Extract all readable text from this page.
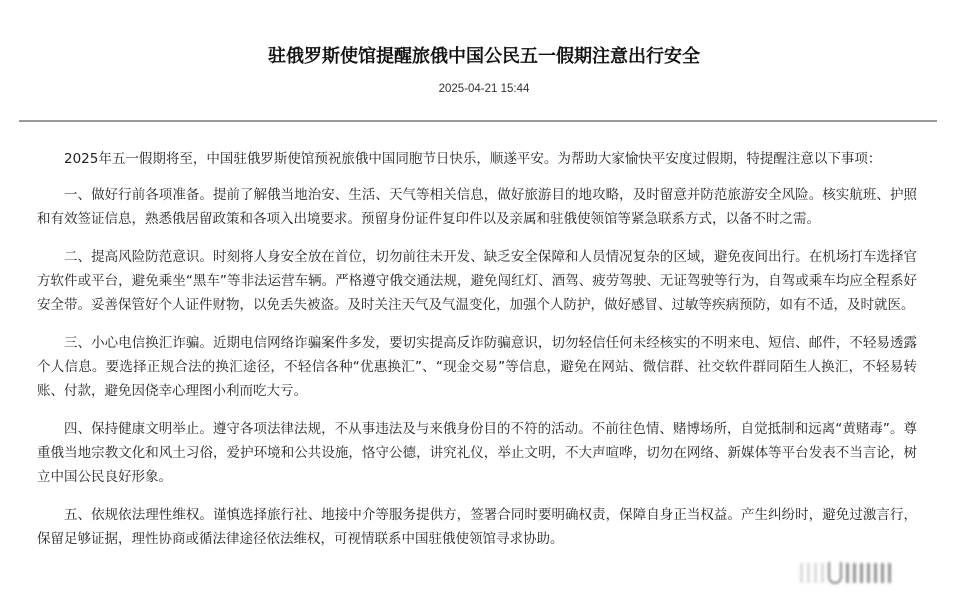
驻俄罗斯使馆提醒旅俄中国公民五一假期注意出行安全
2025-04-21 15:44

2025年五一假期将至，中国驻俄罗斯使馆预祝旅俄中国同胞节日快乐，顺遂平安。为帮助大家愉快平安度过假期，特提醒注意以下事项：

一、做好行前各项准备。提前了解俄当地治安、生活、天气等相关信息，做好旅游目的地攻略，及时留意并防范旅游安全风险。核实航班、护照和有效签证信息，熟悉俄居留政策和各项入出境要求。预留身份证件复印件以及亲属和驻俄使领馆等紧急联系方式，以备不时之需。

二、提高风险防范意识。时刻将人身安全放在首位，切勿前往未开发、缺乏安全保障和人员情况复杂的区域，避免夜间出行。在机场打车选择官方软件或平台，避免乘坐“黑车”等非法运营车辆。严格遵守俄交通法规，避免闯红灯、酒驾、疲劳驾驶、无证驾驶等行为，自驾或乘车均应全程系好安全带。妥善保管好个人证件财物，以免丢失被盗。及时关注天气及气温变化，加强个人防护，做好感冒、过敏等疾病预防，如有不适，及时就医。

三、小心电信换汇诈骗。近期电信网络诈骗案件多发，要切实提高反诈防骗意识，切勿轻信任何未经核实的不明来电、短信、邮件，不轻易透露个人信息。要选择正规合法的换汇途径，不轻信各种“优惠换汇”、“现金交易”等信息，避免在网站、微信群、社交软件群同陌生人换汇，不轻易转账、付款，避免因侥幸心理图小利而吃大亏。

四、保持健康文明举止。遵守各项法律法规，不从事违法及与来俄身份目的不符的活动。不前往色情、赌博场所，自觉抵制和远离“黄赌毒”。尊重俄当地宗教文化和风土习俗，爱护环境和公共设施，恪守公德，讲究礼仪，举止文明，不大声喧哗，切勿在网络、新媒体等平台发表不当言论，树立中国公民良好形象。

五、依规依法理性维权。谨慎选择旅行社、地接中介等服务提供方，签署合同时要明确权责，保障自身正当权益。产生纠纷时，避免过激言行，保留足够证据，理性协商或循法律途径依法维权，可视情联系中国驻俄使领馆寻求协助。
